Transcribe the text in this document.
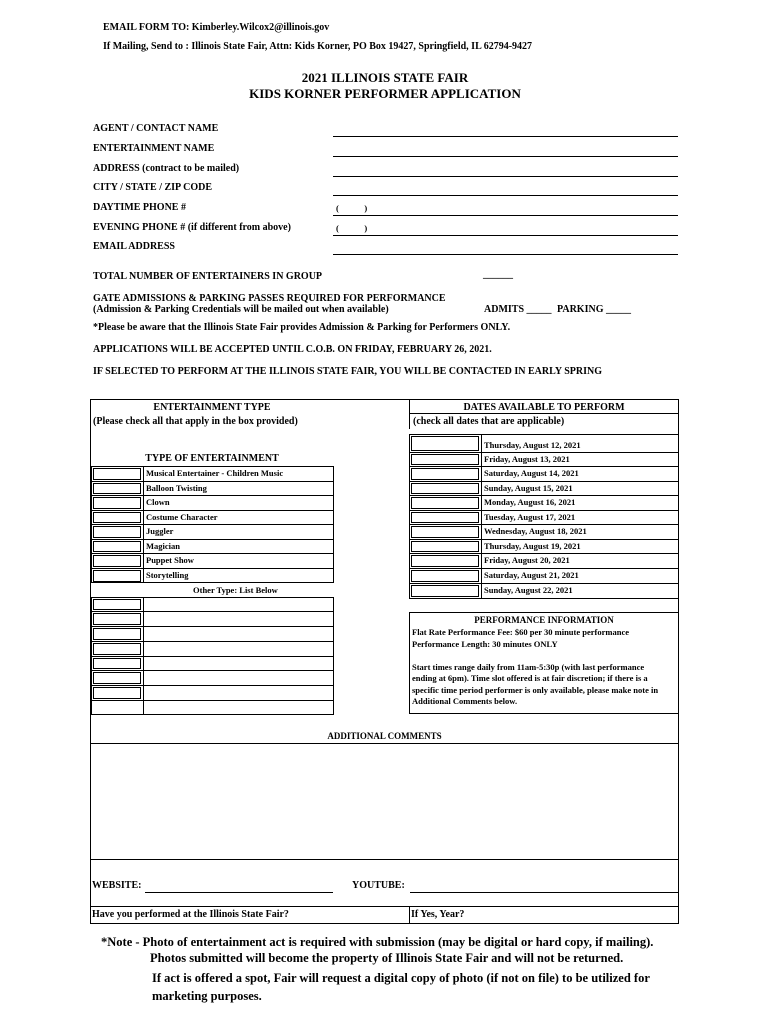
EMAIL FORM TO: Kimberley.Wilcox2@illinois.gov
If Mailing, Send to : Illinois State Fair, Attn: Kids Korner, PO Box 19427, Springfield, IL 62794-9427
2021 ILLINOIS STATE FAIR
KIDS KORNER PERFORMER APPLICATION
AGENT / CONTACT NAME
ENTERTAINMENT NAME
ADDRESS (contract to be mailed)
CITY / STATE / ZIP CODE
DAYTIME PHONE #	(            )
EVENING PHONE # (if different from above)	(            )
EMAIL ADDRESS
TOTAL NUMBER OF ENTERTAINERS IN GROUP	______
GATE ADMISSIONS & PARKING PASSES REQUIRED FOR PERFORMANCE
(Admission & Parking Credentials will be mailed out when available)	ADMITS _____ PARKING _____
*Please be aware that the Illinois State Fair provides Admission & Parking for Performers ONLY.
APPLICATIONS WILL BE ACCEPTED UNTIL C.O.B. ON FRIDAY, FEBRUARY 26, 2021.
IF SELECTED TO PERFORM AT THE ILLINOIS STATE FAIR, YOU WILL BE CONTACTED IN EARLY SPRING
ENTERTAINMENT TYPE
(Please check all that apply in the box provided)
DATES AVAILABLE TO PERFORM
(check all dates that are applicable)
TYPE OF ENTERTAINMENT
Musical Entertainer - Children Music
Balloon Twisting
Clown
Costume Character
Juggler
Magician
Puppet Show
Storytelling
Other Type: List Below
Thursday, August 12, 2021
Friday, August 13, 2021
Saturday, August 14, 2021
Sunday, August 15, 2021
Monday, August 16, 2021
Tuesday, August 17, 2021
Wednesday, August 18, 2021
Thursday, August 19, 2021
Friday, August 20, 2021
Saturday, August 21, 2021
Sunday, August 22, 2021
PERFORMANCE INFORMATION
Flat Rate Performance Fee: $60 per 30 minute performance
Performance Length: 30 minutes ONLY
Start times range daily from 11am-5:30p (with last performance
ending at 6pm). Time slot offered is at fair discretion; if there is a
specific time period performer is only available, please make note in
Additional Comments below.
ADDITIONAL COMMENTS
WEBSITE:	YOUTUBE:
Have you performed at the Illinois State Fair?	If Yes, Year?
*Note - Photo of entertainment act is required with submission (may be digital or hard copy, if mailing).
Photos submitted will become the property of Illinois State Fair and will not be returned.
If act is offered a spot, Fair will request a digital copy of photo (if not on file) to be utilized for
marketing purposes.
